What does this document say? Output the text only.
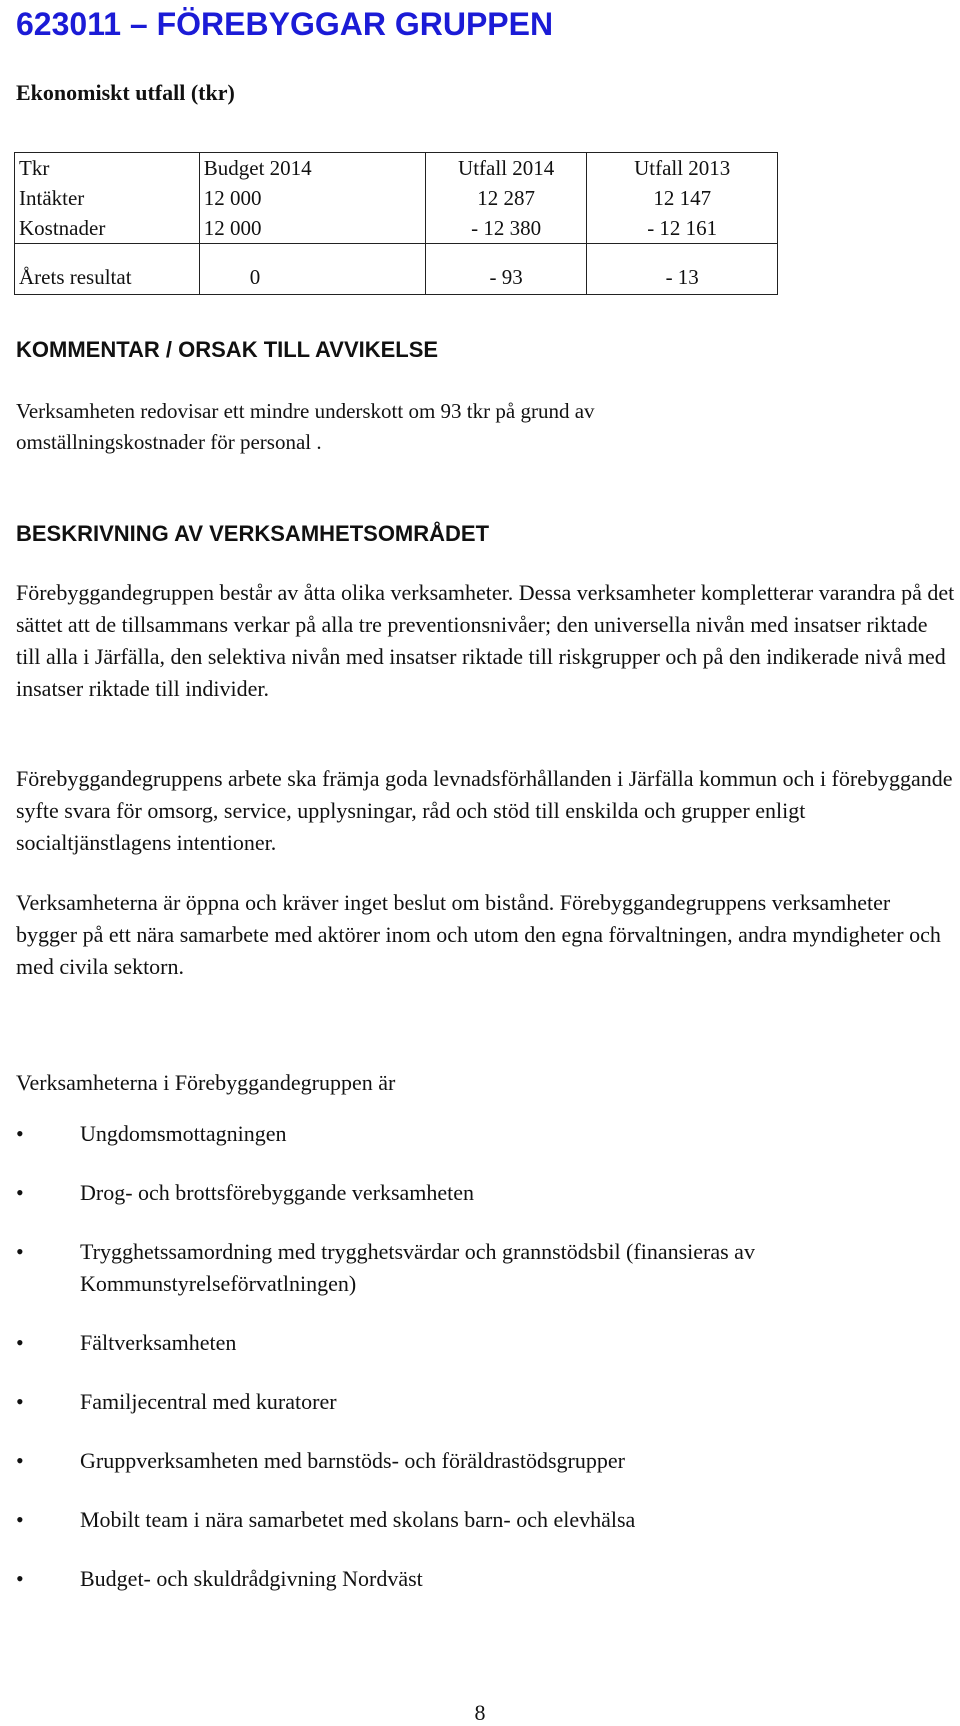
623011 – FÖREBYGGAR GRUPPEN
Ekonomiskt utfall (tkr)
Tkr	Budget 2014	Utfall 2014	Utfall 2013
Intäkter	12 000	12 287	12 147
Kostnader	12 000	- 12 380	- 12 161
Årets resultat	0	- 93	- 13
KOMMENTAR / ORSAK TILL AVVIKELSE

Verksamheten redovisar ett mindre underskott om 93 tkr på grund av omställningskostnader för personal .

BESKRIVNING AV VERKSAMHETSOMRÅDET

Förebyggandegruppen består av åtta olika verksamheter. Dessa verksamheter kompletterar varandra på det sättet att de tillsammans verkar på alla tre preventionsnivåer; den universella nivån med insatser riktade till alla i Järfälla, den selektiva nivån med insatser riktade till riskgrupper och på den indikerade nivå med insatser riktade till individer.

Förebyggandegruppens arbete ska främja goda levnadsförhållanden i Järfälla kommun och i förebyggande syfte svara för omsorg, service, upplysningar, råd och stöd till enskilda och grupper enligt socialtjänstlagens intentioner.

Verksamheterna är öppna och kräver inget beslut om bistånd. Förebyggandegruppens verksamheter bygger på ett nära samarbete med aktörer inom och utom den egna förvaltningen, andra myndigheter och med civila sektorn.

Verksamheterna i Förebyggandegruppen är

•	Ungdomsmottagningen
•	Drog- och brottsförebyggande verksamheten
•	Trygghetssamordning med trygghetsvärdar och grannstödsbil (finansieras av Kommunstyrelseförvatlningen)
•	Fältverksamheten
•	Familjecentral med kuratorer
•	Gruppverksamheten med barnstöds- och föräldrastödsgrupper
•	Mobilt team i nära samarbetet med skolans barn- och elevhälsa
•	Budget- och skuldrådgivning Nordväst
8
